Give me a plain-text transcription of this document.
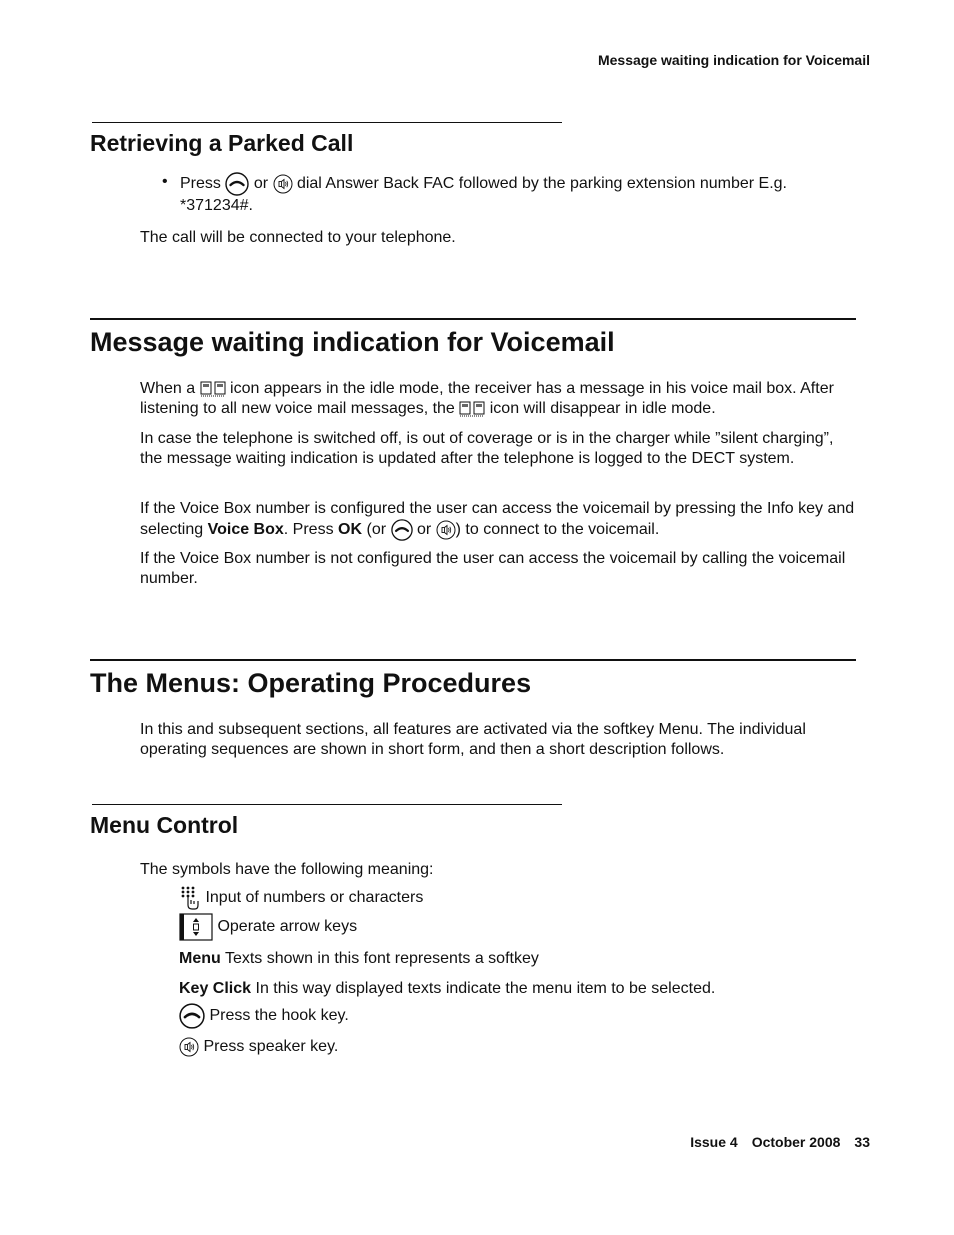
Message waiting indication for Voicemail
Retrieving a Parked Call
• Press or dial Answer Back FAC followed by the parking extension number E.g. *371234#.
The call will be connected to your telephone.
Message waiting indication for Voicemail
When a icon appears in the idle mode, the receiver has a message in his voice mail box. After listening to all new voice mail messages, the icon will disappear in idle mode.
In case the telephone is switched off, is out of coverage or is in the charger while ”silent charging”, the message waiting indication is updated after the telephone is logged to the DECT system.
If the Voice Box number is configured the user can access the voicemail by pressing the Info key and selecting Voice Box. Press OK (or or ) to connect to the voicemail.
If the Voice Box number is not configured the user can access the voicemail by calling the voicemail number.
The Menus: Operating Procedures
In this and subsequent sections, all features are activated via the softkey Menu. The individual operating sequences are shown in short form, and then a short description follows.
Menu Control
The symbols have the following meaning:
Input of numbers or characters
Operate arrow keys
Menu Texts shown in this font represents a softkey
Key Click In this way displayed texts indicate the menu item to be selected.
Press the hook key.
Press speaker key.
Issue 4 October 2008 33
